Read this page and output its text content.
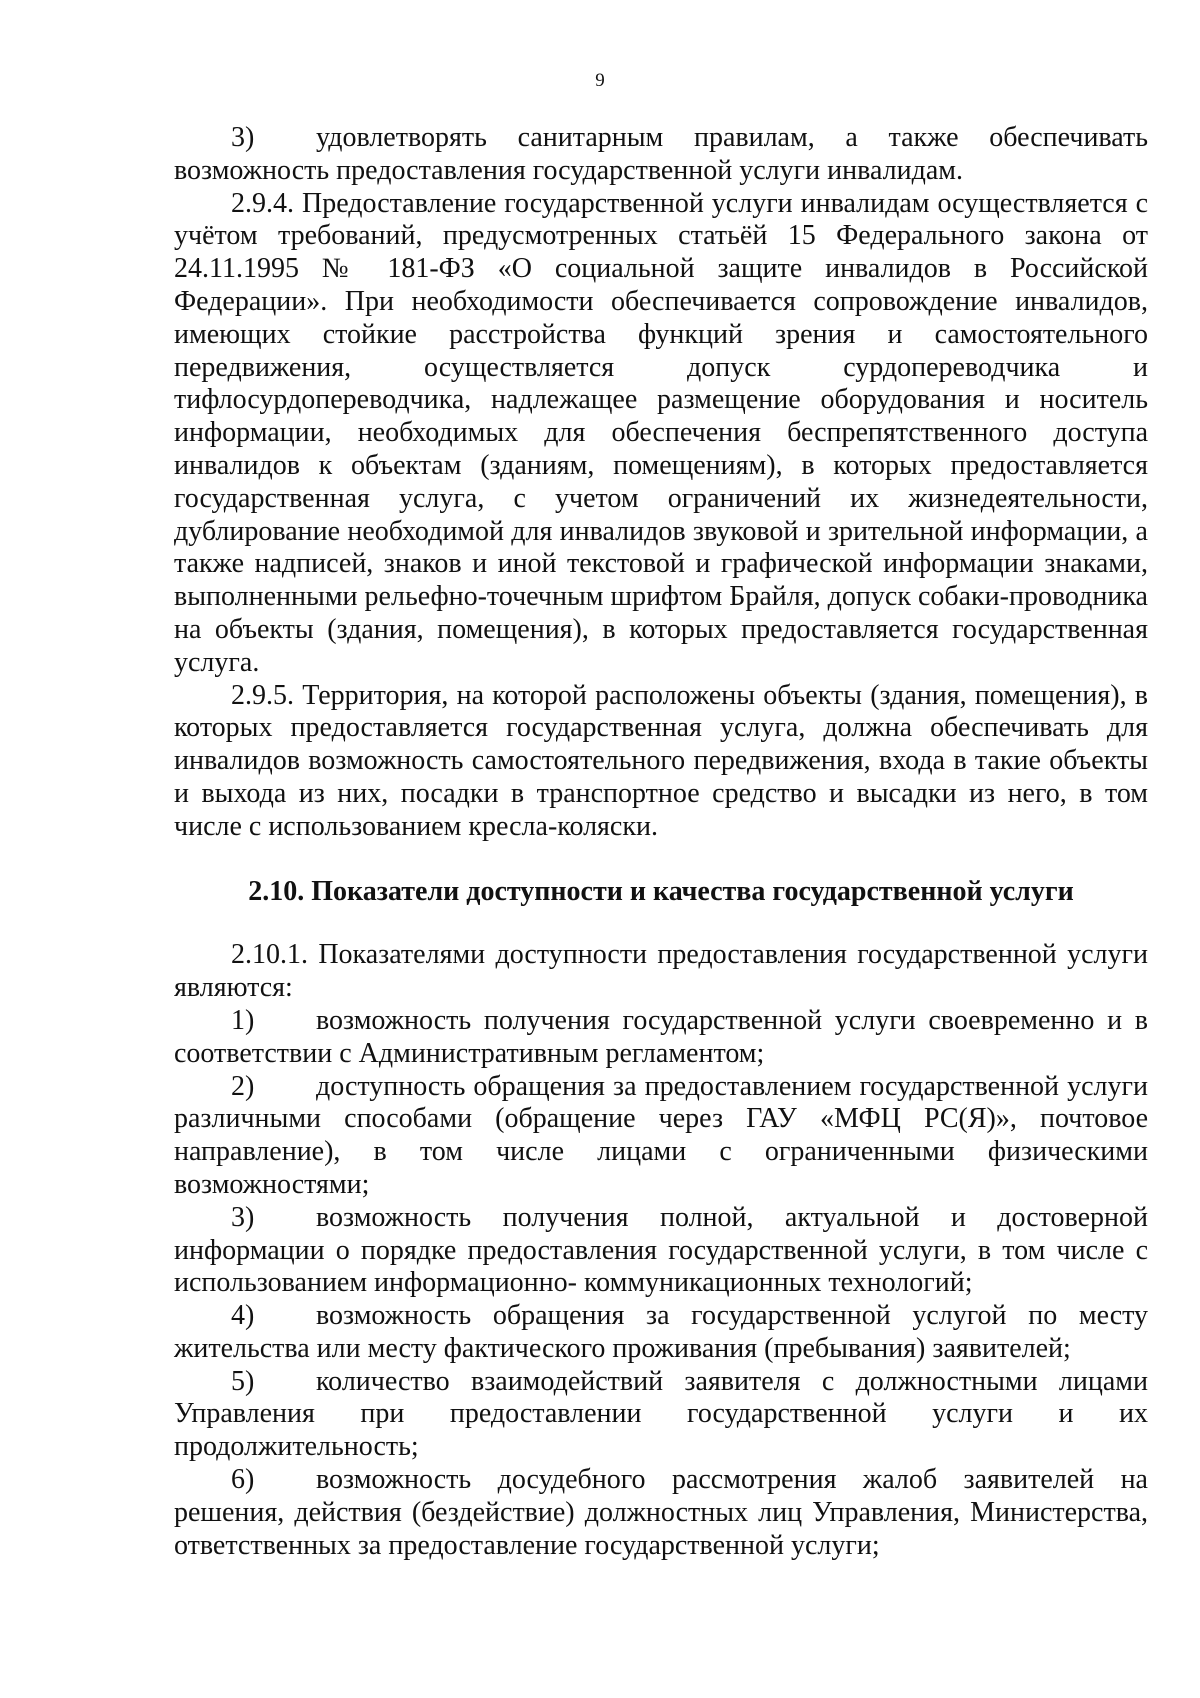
9

3) удовлетворять санитарным правилам, а также обеспечивать возможность предоставления государственной услуги инвалидам.

2.9.4. Предоставление государственной услуги инвалидам осуществляется с учётом требований, предусмотренных статьёй 15 Федерального закона от 24.11.1995 № 181-ФЗ «О социальной защите инвалидов в Российской Федерации». При необходимости обеспечивается сопровождение инвалидов, имеющих стойкие расстройства функций зрения и самостоятельного передвижения, осуществляется допуск сурдопереводчика и тифлосурдопереводчика, надлежащее размещение оборудования и носитель информации, необходимых для обеспечения беспрепятственного доступа инвалидов к объектам (зданиям, помещениям), в которых предоставляется государственная услуга, с учетом ограничений их жизнедеятельности, дублирование необходимой для инвалидов звуковой и зрительной информации, а также надписей, знаков и иной текстовой и графической информации знаками, выполненными рельефно-точечным шрифтом Брайля, допуск собаки-проводника на объекты (здания, помещения), в которых предоставляется государственная услуга.

2.9.5. Территория, на которой расположены объекты (здания, помещения), в которых предоставляется государственная услуга, должна обеспечивать для инвалидов возможность самостоятельного передвижения, входа в такие объекты и выхода из них, посадки в транспортное средство и высадки из него, в том числе с использованием кресла-коляски.

2.10. Показатели доступности и качества государственной услуги

2.10.1. Показателями доступности предоставления государственной услуги являются:

1) возможность получения государственной услуги своевременно и в соответствии с Административным регламентом;

2) доступность обращения за предоставлением государственной услуги различными способами (обращение через ГАУ «МФЦ РС(Я)», почтовое направление), в том числе лицами с ограниченными физическими возможностями;

3) возможность получения полной, актуальной и достоверной информации о порядке предоставления государственной услуги, в том числе с использованием информационно- коммуникационных технологий;

4) возможность обращения за государственной услугой по месту жительства или месту фактического проживания (пребывания) заявителей;

5) количество взаимодействий заявителя с должностными лицами Управления при предоставлении государственной услуги и их продолжительность;

6) возможность досудебного рассмотрения жалоб заявителей на решения, действия (бездействие) должностных лиц Управления, Министерства, ответственных за предоставление государственной услуги;
